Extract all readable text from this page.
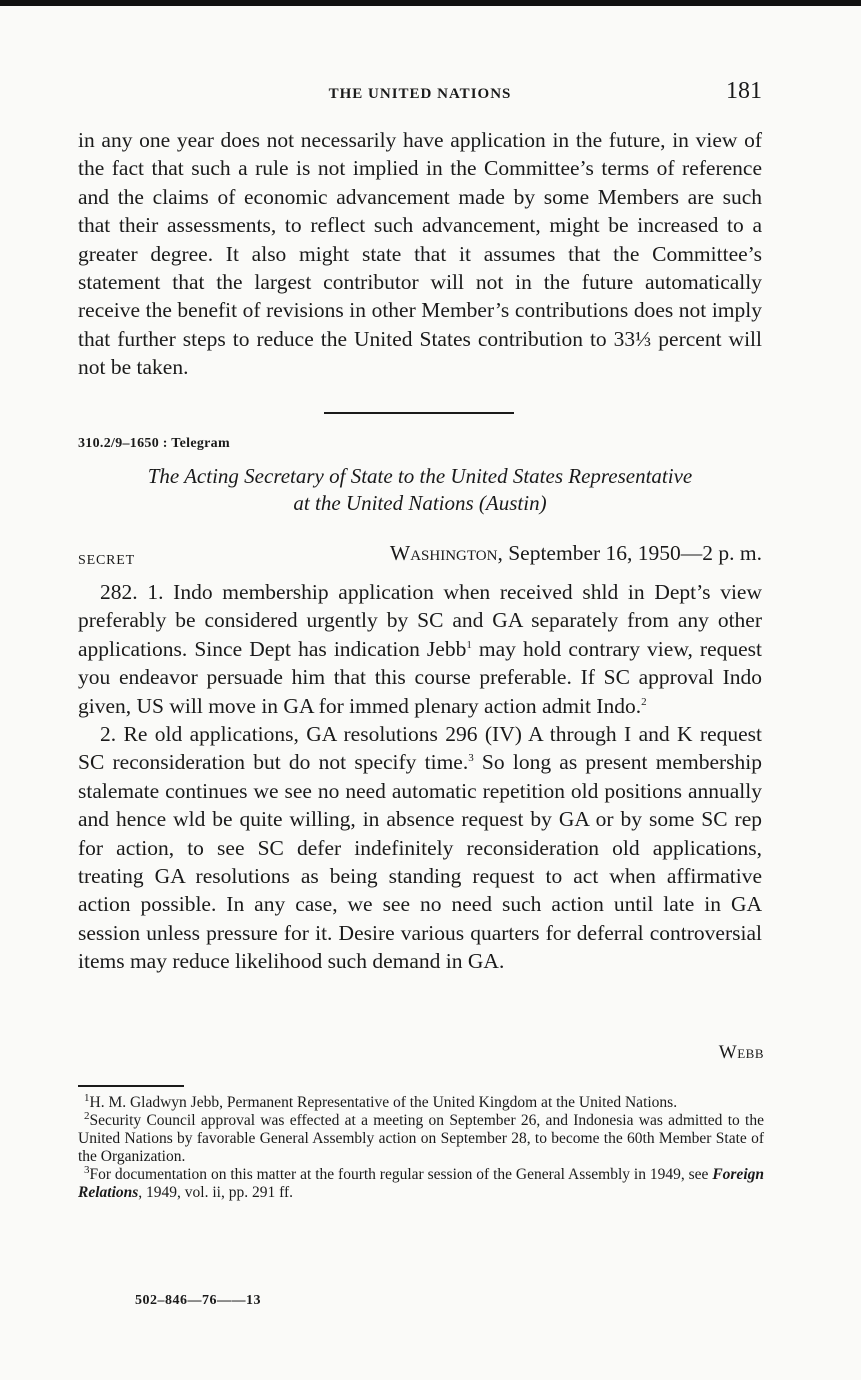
THE UNITED NATIONS	181

in any one year does not necessarily have application in the future, in view of the fact that such a rule is not implied in the Committee’s terms of reference and the claims of economic advancement made by some Members are such that their assessments, to reflect such advancement, might be increased to a greater degree. It also might state that it assumes that the Committee’s statement that the largest contributor will not in the future automatically receive the benefit of revisions in other Member’s contributions does not imply that further steps to reduce the United States contribution to 33⅓ percent will not be taken.

310.2/9–1650 : Telegram
The Acting Secretary of State to the United States Representative
at the United Nations (Austin)
SECRET	Washington, September 16, 1950—2 p. m.

282. 1. Indo membership application when received shld in Dept’s view preferably be considered urgently by SC and GA separately from any other applications. Since Dept has indication Jebb$^1$ may hold contrary view, request you endeavor persuade him that this course preferable. If SC approval Indo given, US will move in GA for immed plenary action admit Indo.$^2$

2. Re old applications, GA resolutions 296 (IV) A through I and K request SC reconsideration but do not specify time.$^3$ So long as present membership stalemate continues we see no need automatic repetition old positions annually and hence wld be quite willing, in absence request by GA or by some SC rep for action, to see SC defer indefinitely reconsideration old applications, treating GA resolutions as being standing request to act when affirmative action possible. In any case, we see no need such action until late in GA session unless pressure for it. Desire various quarters for deferral controversial items may reduce likelihood such demand in GA.

Webb

$^1$H. M. Gladwyn Jebb, Permanent Representative of the United Kingdom at the United Nations.

$^2$Security Council approval was effected at a meeting on September 26, and Indonesia was admitted to the United Nations by favorable General Assembly action on September 28, to become the 60th Member State of the Organization.

$^3$For documentation on this matter at the fourth regular session of the General Assembly in 1949, see Foreign Relations, 1949, vol. ii, pp. 291 ff.

502–846—76——13
